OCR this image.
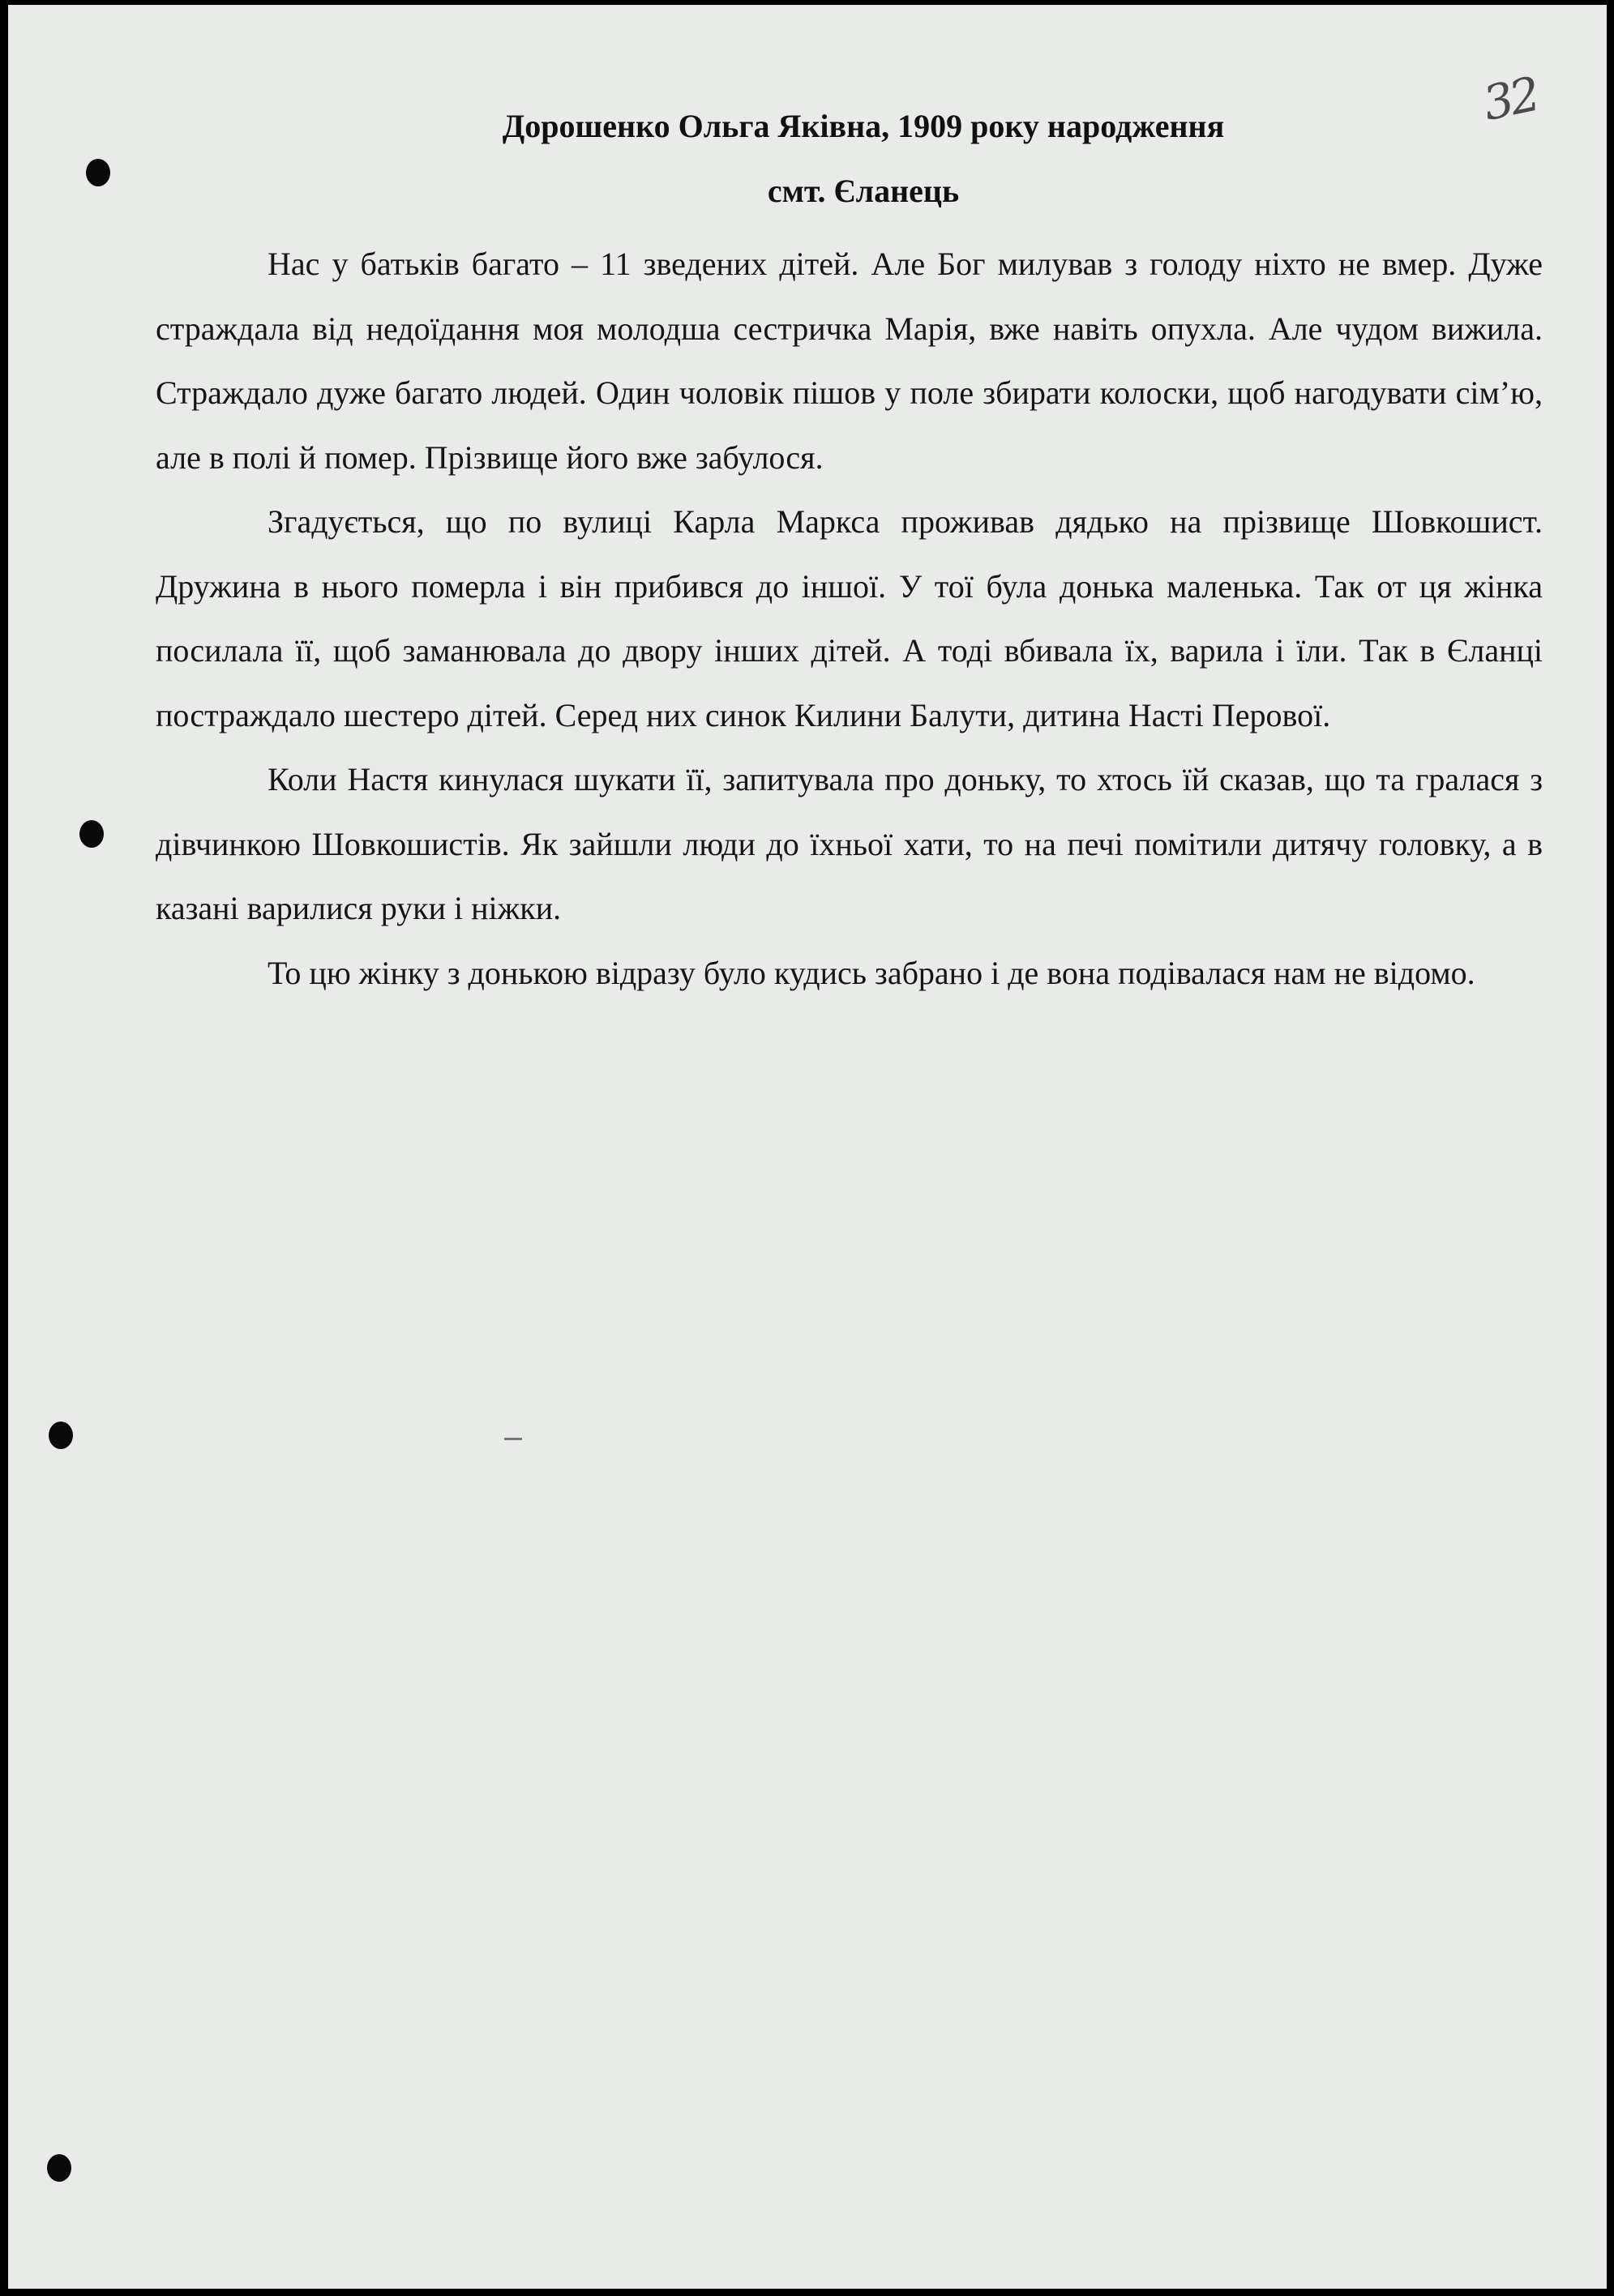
32
Дорошенко Ольга Яківна, 1909 року народження
смт. Єланець

Нас у батьків багато – 11 зведених дітей. Але Бог милував з голоду ніхто не вмер. Дуже страждала від недоїдання моя молодша сестричка Марія, вже навіть опухла. Але чудом вижила. Страждало дуже багато людей. Один чоловік пішов у поле збирати колоски, щоб нагодувати сім’ю, але в полі й помер. Прізвище його вже забулося.

Згадується, що по вулиці Карла Маркса проживав дядько на прізвище Шовкошист. Дружина в нього померла і він прибився до іншої. У тої була донька маленька. Так от ця жінка посилала її, щоб заманювала до двору інших дітей. А тоді вбивала їх, варила і їли. Так в Єланці постраждало шестеро дітей. Серед них синок Килини Балути, дитина Насті Перової.

Коли Настя кинулася шукати її, запитувала про доньку, то хтось їй сказав, що та гралася з дівчинкою Шовкошистів. Як зайшли люди до їхньої хати, то на печі помітили дитячу головку, а в казані варилися руки і ніжки.

То цю жінку з донькою відразу було кудись забрано і де вона подівалася нам не відомо.
